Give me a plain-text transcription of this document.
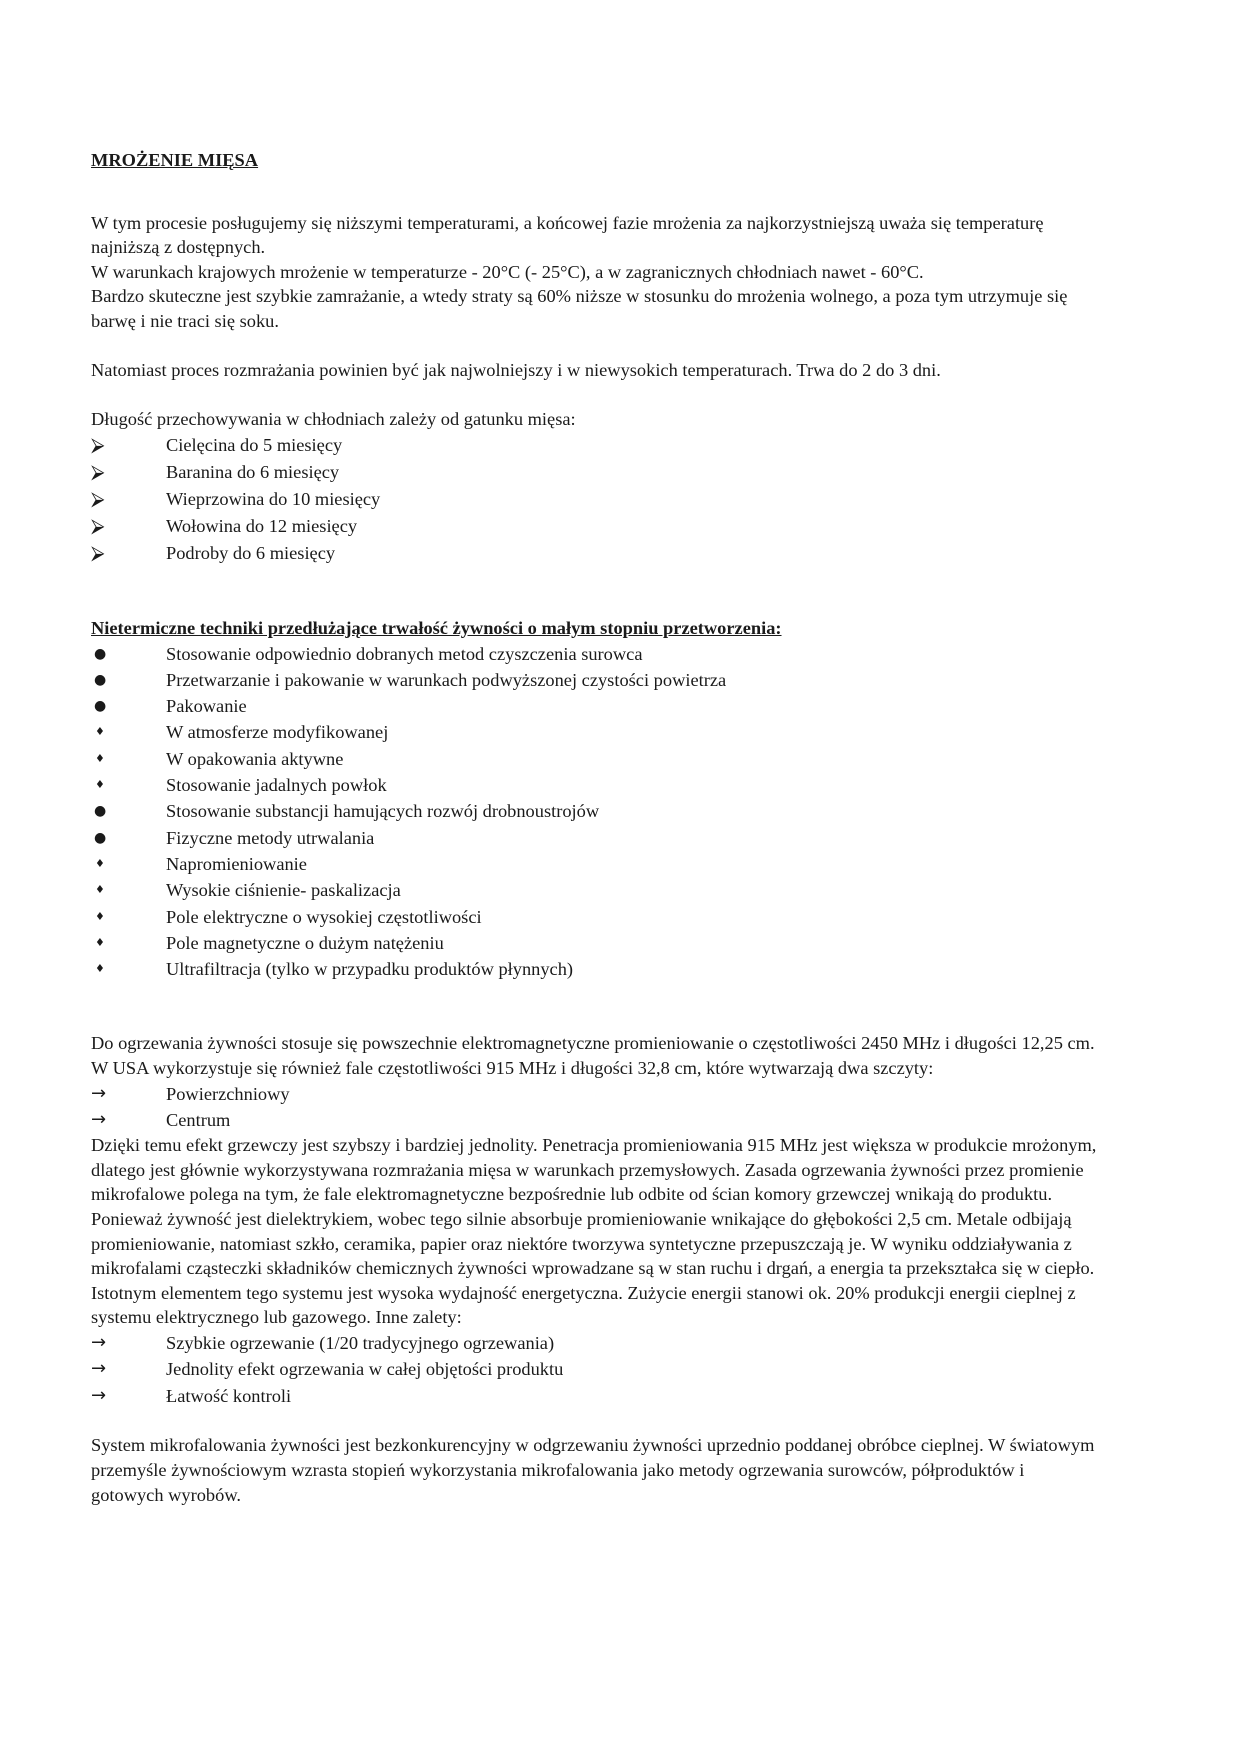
MROŻENIE MIĘSA

W tym procesie posługujemy się niższymi temperaturami, a końcowej fazie mrożenia za najkorzystniejszą uważa się temperaturę najniższą z dostępnych.

W warunkach krajowych mrożenie w temperaturze - 20°C (- 25°C), a w zagranicznych chłodniach nawet - 60°C.

Bardzo skuteczne jest szybkie zamrażanie, a wtedy straty są 60% niższe w stosunku do mrożenia wolnego, a poza tym utrzymuje się barwę i nie traci się soku.

Natomiast proces rozmrażania powinien być jak najwolniejszy i w niewysokich temperaturach. Trwa do 2 do 3 dni.

Długość przechowywania w chłodniach zależy od gatunku mięsa:

⮚	Cielęcina do 5 miesięcy
⮚	Baranina do 6 miesięcy
⮚	Wieprzowina do 10 miesięcy
⮚	Wołowina do 12 miesięcy
⮚	Podroby do 6 miesięcy

Nietermiczne techniki przedłużające trwałość żywności o małym stopniu przetworzenia:

●	Stosowanie odpowiednio dobranych metod czyszczenia surowca
●	Przetwarzanie i pakowanie w warunkach podwyższonej czystości powietrza
●	Pakowanie
♦	W atmosferze modyfikowanej
♦	W opakowania aktywne
♦	Stosowanie jadalnych powłok
●	Stosowanie substancji hamujących rozwój drobnoustrojów
●	Fizyczne metody utrwalania
♦	Napromieniowanie
♦	Wysokie ciśnienie- paskalizacja
♦	Pole elektryczne o wysokiej częstotliwości
♦	Pole magnetyczne o dużym natężeniu
♦	Ultrafiltracja (tylko w przypadku produktów płynnych)

Do ogrzewania żywności stosuje się powszechnie elektromagnetyczne promieniowanie o częstotliwości 2450 MHz i długości 12,25 cm. W USA wykorzystuje się również fale częstotliwości 915 MHz i długości 32,8 cm, które wytwarzają dwa szczyty:

→	Powierzchniowy
→	Centrum

Dzięki temu efekt grzewczy jest szybszy i bardziej jednolity. Penetracja promieniowania 915 MHz jest większa w produkcie mrożonym, dlatego jest głównie wykorzystywana rozmrażania mięsa w warunkach przemysłowych. Zasada ogrzewania żywności przez promienie mikrofalowe polega na tym, że fale elektromagnetyczne bezpośrednie lub odbite od ścian komory grzewczej wnikają do produktu. Ponieważ żywność jest dielektrykiem, wobec tego silnie absorbuje promieniowanie wnikające do głębokości 2,5 cm. Metale odbijają promieniowanie, natomiast szkło, ceramika, papier oraz niektóre tworzywa syntetyczne przepuszczają je. W wyniku oddziaływania z mikrofalami cząsteczki składników chemicznych żywności wprowadzane są w stan ruchu i drgań, a energia ta przekształca się w ciepło. Istotnym elementem tego systemu jest wysoka wydajność energetyczna. Zużycie energii stanowi ok. 20% produkcji energii cieplnej z systemu elektrycznego lub gazowego. Inne zalety:

→	Szybkie ogrzewanie (1/20 tradycyjnego ogrzewania)
→	Jednolity efekt ogrzewania w całej objętości produktu
→	Łatwość kontroli

System mikrofalowania żywności jest bezkonkurencyjny w odgrzewaniu żywności uprzednio poddanej obróbce cieplnej. W światowym przemyśle żywnościowym wzrasta stopień wykorzystania mikrofalowania jako metody ogrzewania surowców, półproduktów i gotowych wyrobów.
